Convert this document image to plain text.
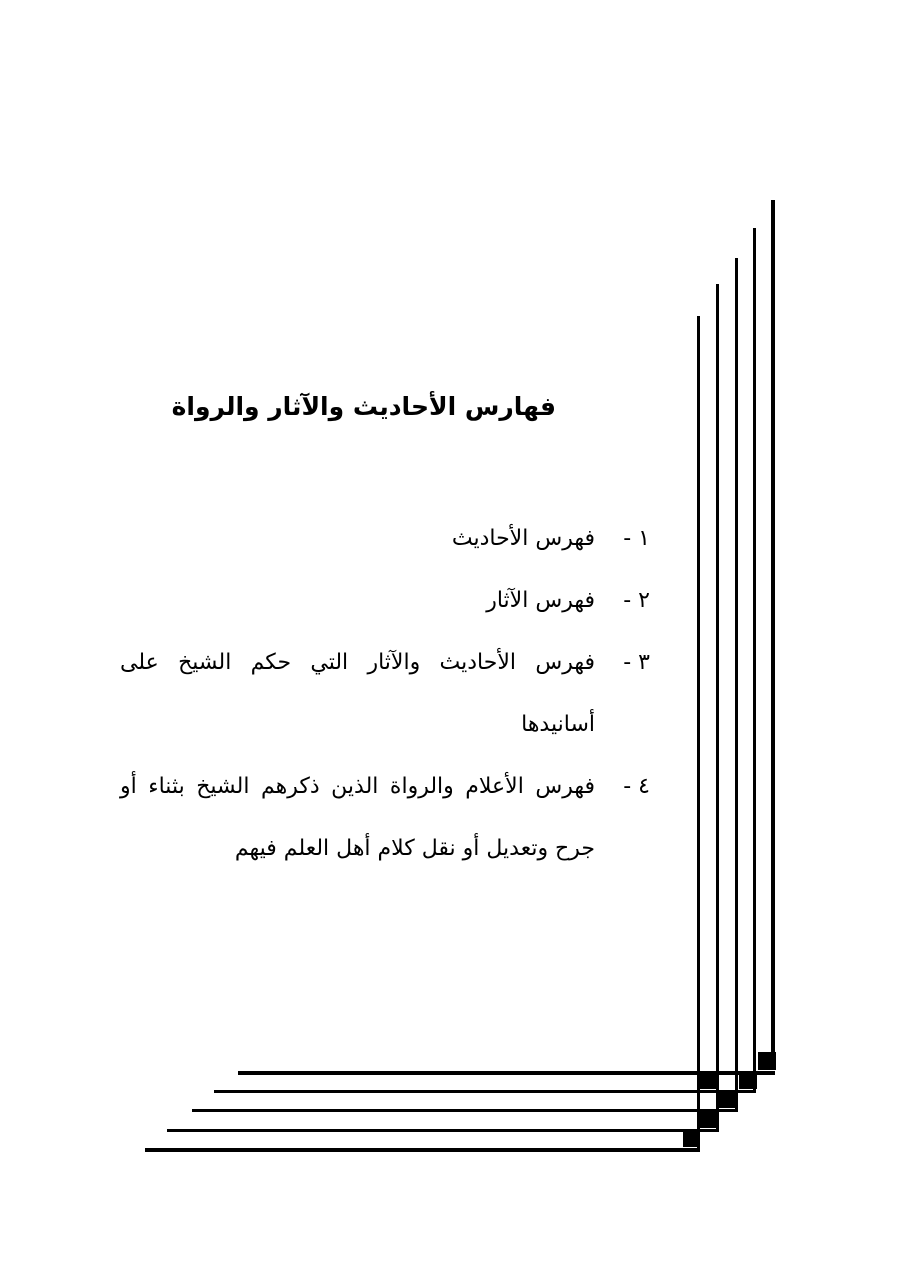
فهارس الأحاديث والآثار والرواة
١ -
فهرس الأحاديث
٢ -
فهرس الآثار
٣ -
فهرس الأحاديث والآثار التي حكم الشيخ على أسانيدها
٤ -
فهرس الأعلام والرواة الذين ذكرهم الشيخ بثناء أو جرح وتعديل أو نقل كلام أهل العلم فيهم
